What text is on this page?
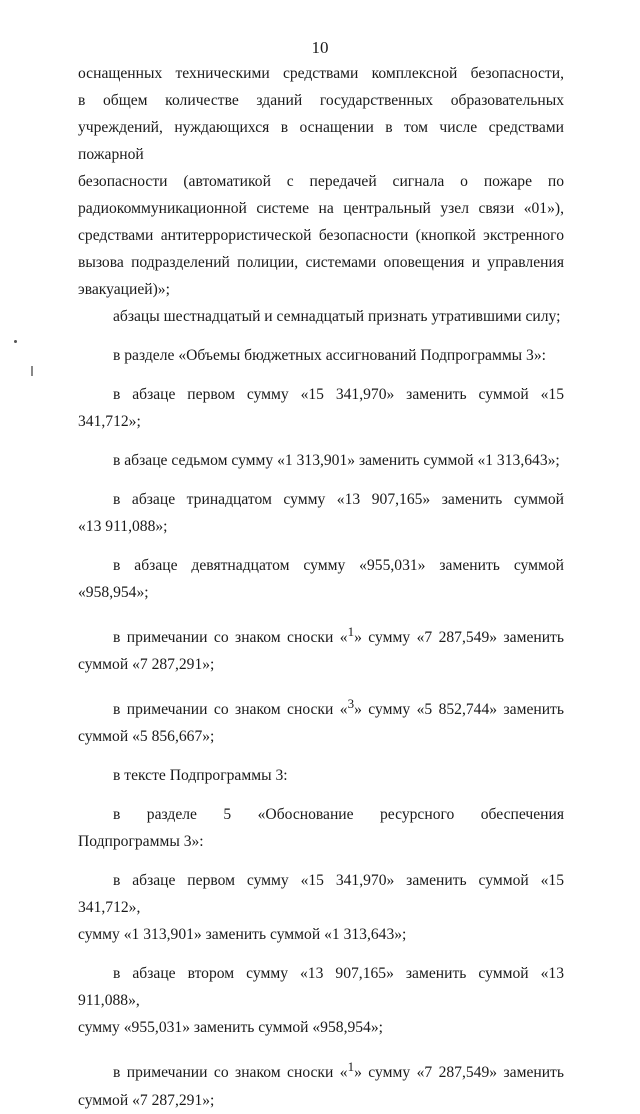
10

оснащенных техническими средствами комплексной безопасности,

в общем количестве зданий государственных образовательных

учреждений, нуждающихся в оснащении в том числе средствами пожарной

безопасности (автоматикой с передачей сигнала о пожаре по

радиокоммуникационной системе на центральный узел связи «01»),

средствами антитеррористической безопасности (кнопкой экстренного

вызова подразделений полиции, системами оповещения и управления

эвакуацией)»;

абзацы шестнадцатый и семнадцатый признать утратившими силу;

в разделе «Объемы бюджетных ассигнований Подпрограммы 3»:

в абзаце первом сумму «15 341,970» заменить суммой «15 341,712»;

в абзаце седьмом сумму «1 313,901» заменить суммой «1 313,643»;

в абзаце тринадцатом сумму «13 907,165» заменить суммой

«13 911,088»;

в абзаце девятнадцатом сумму «955,031» заменить суммой «958,954»;

в примечании со знаком сноски «$^1$» сумму «7 287,549» заменить

суммой «7 287,291»;

в примечании со знаком сноски «$^3$» сумму «5 852,744» заменить

суммой «5 856,667»;

в тексте Подпрограммы 3:

в разделе 5 «Обоснование ресурсного обеспечения

Подпрограммы 3»:

в абзаце первом сумму «15 341,970» заменить суммой «15 341,712»,

сумму «1 313,901» заменить суммой «1 313,643»;

в абзаце втором сумму «13 907,165» заменить суммой «13 911,088»,

сумму «955,031» заменить суммой «958,954»;

в примечании со знаком сноски «$^1$» сумму «7 287,549» заменить

суммой «7 287,291»;
